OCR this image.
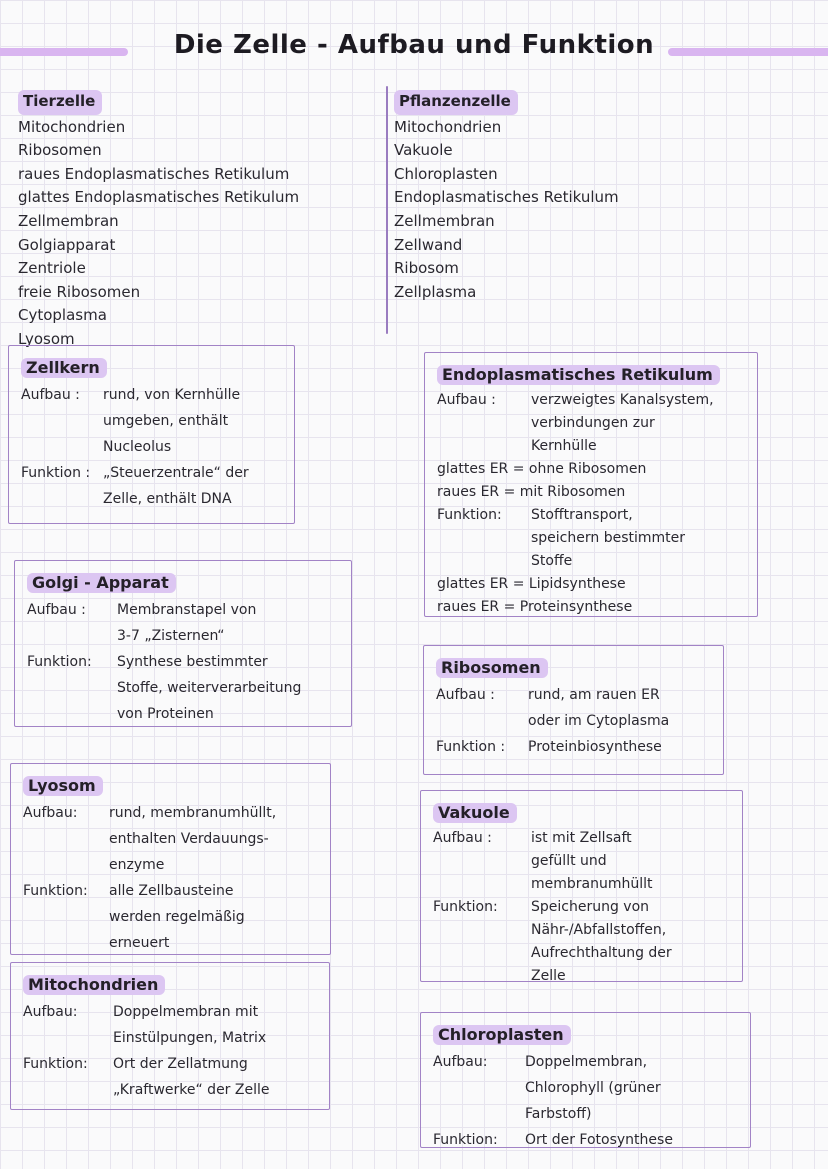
Die Zelle - Aufbau und Funktion
Tierzelle
Mitochondrien
Ribosomen
raues Endoplasmatisches Retikulum
glattes Endoplasmatisches Retikulum
Zellmembran
Golgiapparat
Zentriole
freie Ribosomen
Cytoplasma
Lyosom
Pflanzenzelle
Mitochondrien
Vakuole
Chloroplasten
Endoplasmatisches Retikulum
Zellmembran
Zellwand
Ribosom
Zellplasma
Zellkern
Aufbau :	rund, von Kernhülle
umgeben, enthält
Nucleolus
Funktion : „Steuerzentrale“ der
Zelle, enthält DNA
Golgi - Apparat
Aufbau :	Membranstapel von
3-7 „Zisternen“
Funktion:	Synthese bestimmter
Stoffe, weiterverarbeitung
von Proteinen
Lyosom
Aufbau:	rund, membranumhüllt,
enthalten Verdauungs-
enzyme
Funktion:	alle Zellbausteine
werden regelmäßig
erneuert
Mitochondrien
Aufbau:	Doppelmembran mit
Einstülpungen, Matrix
Funktion:	Ort der Zellatmung
„Kraftwerke“ der Zelle
Endoplasmatisches Retikulum
Aufbau :	verzweigtes Kanalsystem,
verbindungen zur
Kernhülle
glattes ER = ohne Ribosomen
raues ER = mit Ribosomen
Funktion:	Stofftransport,
speichern bestimmter
Stoffe
glattes ER = Lipidsynthese
raues ER = Proteinsynthese
Ribosomen
Aufbau :	rund, am rauen ER
oder im Cytoplasma
Funktion :	Proteinbiosynthese
Vakuole
Aufbau :	ist mit Zellsaft
gefüllt und
membranumhüllt
Funktion:	Speicherung von
Nähr-/Abfallstoffen,
Aufrechthaltung der
Zelle
Chloroplasten
Aufbau:	Doppelmembran,
Chlorophyll (grüner
Farbstoff)
Funktion:	Ort der Fotosynthese
